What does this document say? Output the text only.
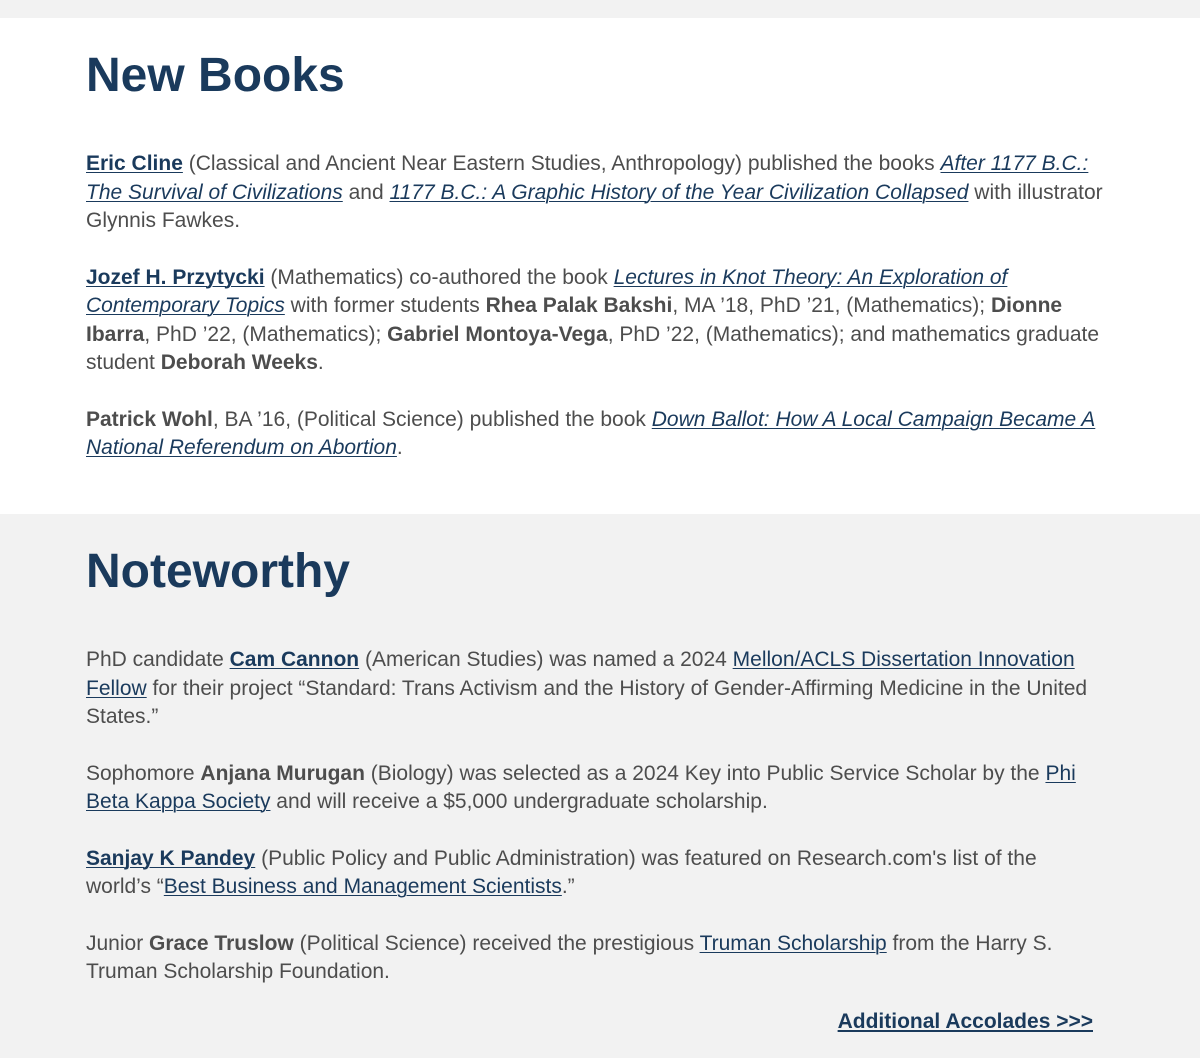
New Books

Eric Cline (Classical and Ancient Near Eastern Studies, Anthropology) published the books After 1177 B.C.: The Survival of Civilizations and 1177 B.C.: A Graphic History of the Year Civilization Collapsed with illustrator Glynnis Fawkes.

Jozef H. Przytycki (Mathematics) co-authored the book Lectures in Knot Theory: An Exploration of Contemporary Topics with former students Rhea Palak Bakshi, MA ’18, PhD ’21, (Mathematics); Dionne Ibarra, PhD ’22, (Mathematics); Gabriel Montoya-Vega, PhD ’22, (Mathematics); and mathematics graduate student Deborah Weeks.

Patrick Wohl, BA ’16, (Political Science) published the book Down Ballot: How A Local Campaign Became A National Referendum on Abortion.

Noteworthy

PhD candidate Cam Cannon (American Studies) was named a 2024 Mellon/ACLS Dissertation Innovation Fellow for their project “Standard: Trans Activism and the History of Gender-Affirming Medicine in the United States.”

Sophomore Anjana Murugan (Biology) was selected as a 2024 Key into Public Service Scholar by the Phi Beta Kappa Society and will receive a $5,000 undergraduate scholarship.

Sanjay K Pandey (Public Policy and Public Administration) was featured on Research.com's list of the world’s “Best Business and Management Scientists.”

Junior Grace Truslow (Political Science) received the prestigious Truman Scholarship from the Harry S. Truman Scholarship Foundation.

Additional Accolades >>>
